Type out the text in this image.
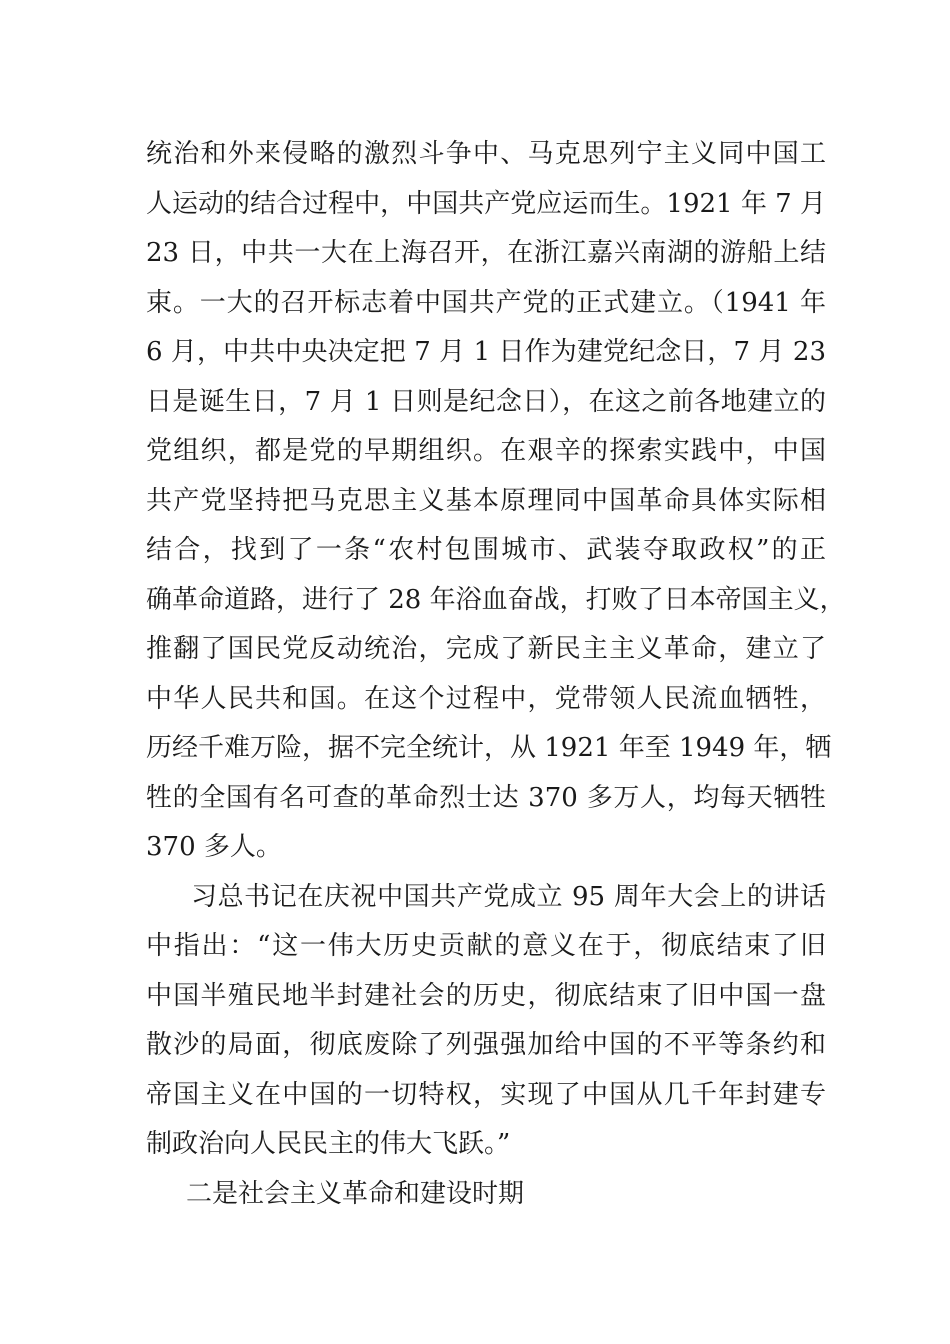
统治和外来侵略的激烈斗争中、马克思列宁主义同中国工
人运动的结合过程中，中国共产党应运而生。1921 年 7 月
23 日，中共一大在上海召开，在浙江嘉兴南湖的游船上结
束。一大的召开标志着中国共产党的正式建立。（1941 年
6 月，中共中央决定把 7 月 1 日作为建党纪念日，7 月 23
日是诞生日，7 月 1 日则是纪念日），在这之前各地建立的
党组织，都是党的早期组织。在艰辛的探索实践中，中国
共产党坚持把马克思主义基本原理同中国革命具体实际相
结合，找到了一条“农村包围城市、武装夺取政权”的正
确革命道路，进行了 28 年浴血奋战，打败了日本帝国主义，
推翻了国民党反动统治，完成了新民主主义革命，建立了
中华人民共和国。在这个过程中，党带领人民流血牺牲，
历经千难万险，据不完全统计，从 1921 年至 1949 年，牺
牲的全国有名可查的革命烈士达 370 多万人，均每天牺牲
370 多人。
习总书记在庆祝中国共产党成立 95 周年大会上的讲话
中指出：“这一伟大历史贡献的意义在于，彻底结束了旧
中国半殖民地半封建社会的历史，彻底结束了旧中国一盘
散沙的局面，彻底废除了列强强加给中国的不平等条约和
帝国主义在中国的一切特权，实现了中国从几千年封建专
制政治向人民民主的伟大飞跃。”
二是社会主义革命和建设时期
